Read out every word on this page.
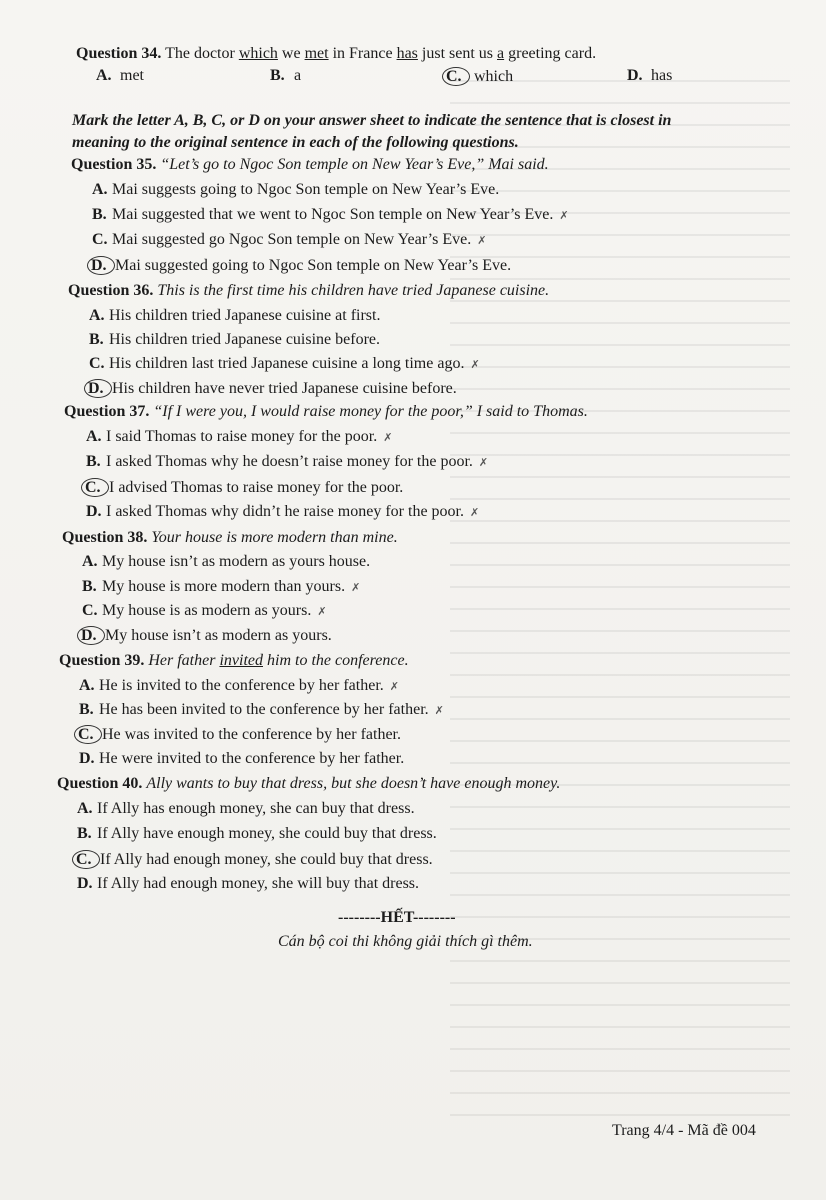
Question 34. The doctor which we met in France has just sent us a greeting card.
A. met	B. a	C. which	D. has
Mark the letter A, B, C, or D on your answer sheet to indicate the sentence that is closest in
meaning to the original sentence in each of the following questions.
Question 35. “Let’s go to Ngoc Son temple on New Year’s Eve,” Mai said.
A. Mai suggests going to Ngoc Son temple on New Year’s Eve.
B. Mai suggested that we went to Ngoc Son temple on New Year’s Eve. ✗
C. Mai suggested go Ngoc Son temple on New Year’s Eve. ✗
D. Mai suggested going to Ngoc Son temple on New Year’s Eve.
Question 36. This is the first time his children have tried Japanese cuisine.
A. His children tried Japanese cuisine at first.
B. His children tried Japanese cuisine before.
C. His children last tried Japanese cuisine a long time ago. ✗
D. His children have never tried Japanese cuisine before.
Question 37. “If I were you, I would raise money for the poor,” I said to Thomas.
A. I said Thomas to raise money for the poor. ✗
B. I asked Thomas why he doesn’t raise money for the poor. ✗
C. I advised Thomas to raise money for the poor.
D. I asked Thomas why didn’t he raise money for the poor. ✗
Question 38. Your house is more modern than mine.
A. My house isn’t as modern as yours house.
B. My house is more modern than yours. ✗
C. My house is as modern as yours. ✗
D. My house isn’t as modern as yours.
Question 39. Her father invited him to the conference.
A. He is invited to the conference by her father. ✗
B. He has been invited to the conference by her father. ✗
C. He was invited to the conference by her father.
D. He were invited to the conference by her father.
Question 40. Ally wants to buy that dress, but she doesn’t have enough money.
A. If Ally has enough money, she can buy that dress.
B. If Ally have enough money, she could buy that dress.
C. If Ally had enough money, she could buy that dress.
D. If Ally had enough money, she will buy that dress.
--------HẾT--------
Cán bộ coi thi không giải thích gì thêm.
Trang 4/4 - Mã đề 004
